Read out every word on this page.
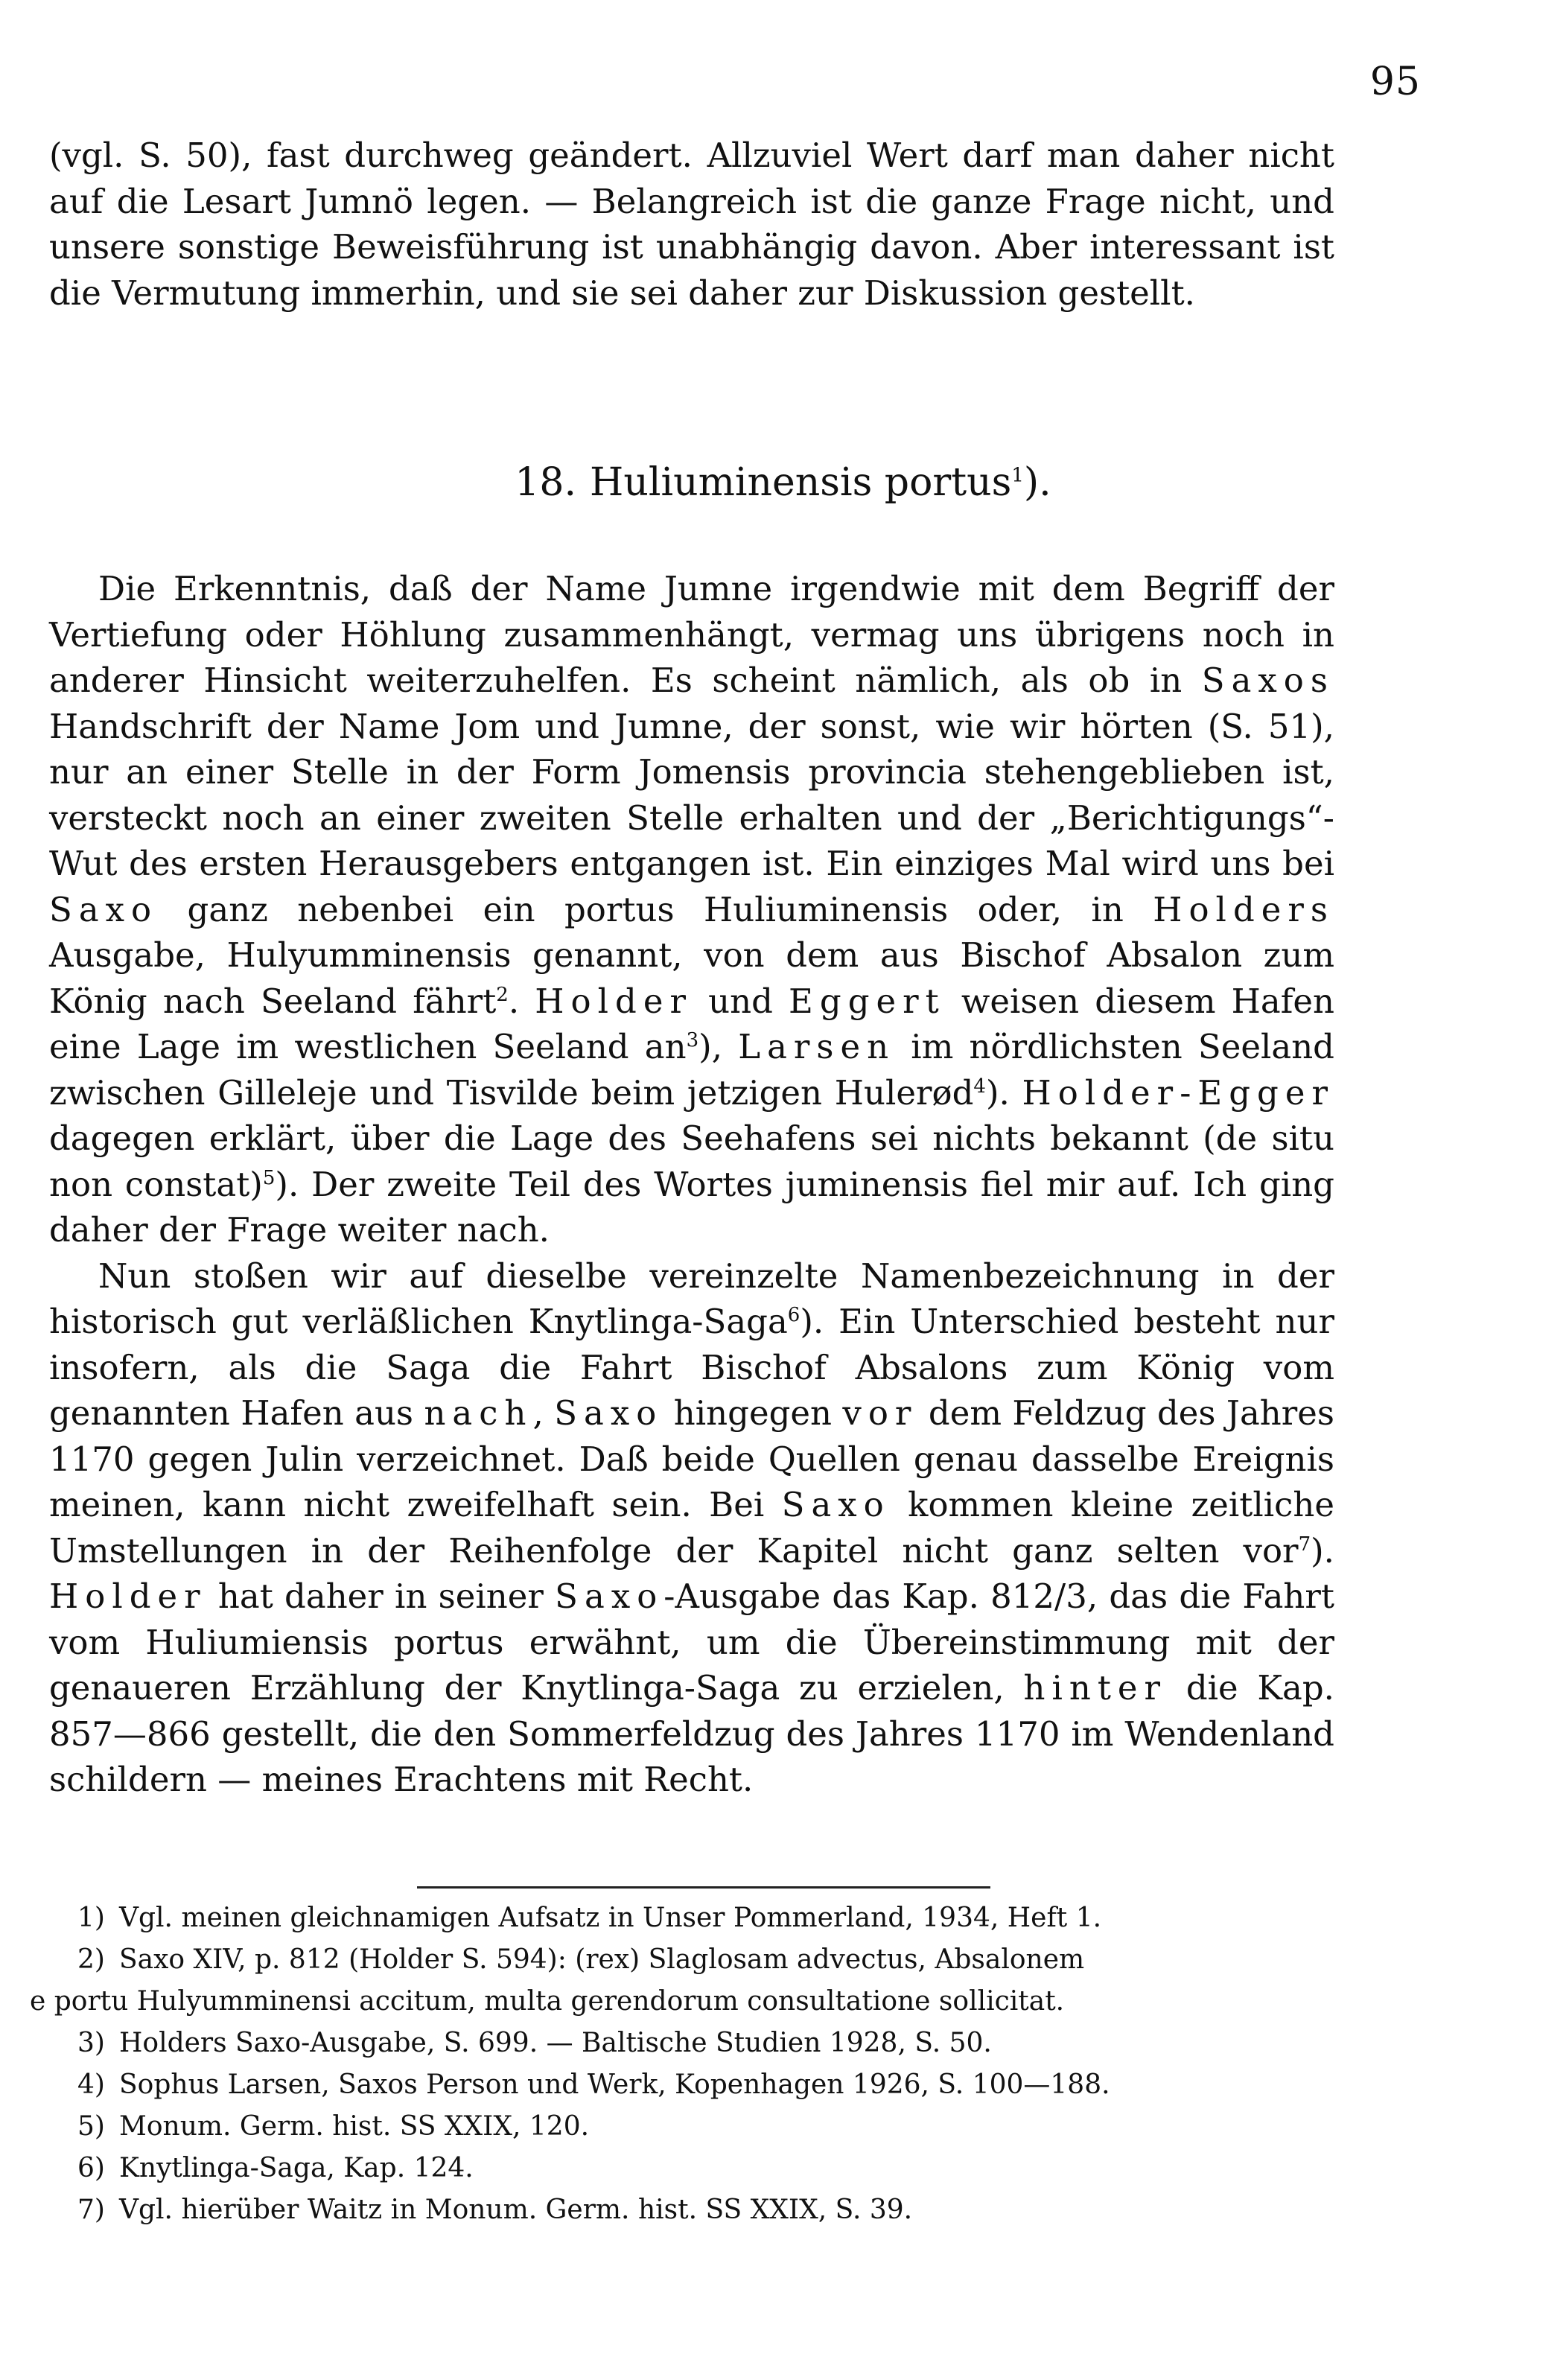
95

(vgl. S. 50), fast durchweg geändert. Allzuviel Wert darf man daher nicht auf die Lesart Jumnö legen. — Belangreich ist die ganze Frage nicht, und unsere sonstige Beweisführung ist unabhängig davon. Aber interessant ist die Vermutung immerhin, und sie sei daher zur Diskussion gestellt.

18. Huliuminensis portus$^1$).

Die Erkenntnis, daß der Name Jumne irgendwie mit dem Begriff der Vertiefung oder Höhlung zusammenhängt, vermag uns übrigens noch in anderer Hinsicht weiterzuhelfen. Es scheint nämlich, als ob in Saxos Handschrift der Name Jom und Jumne, der sonst, wie wir hörten (S. 51), nur an einer Stelle in der Form Jomensis provincia stehengeblieben ist, versteckt noch an einer zweiten Stelle erhalten und der „Berichtigungs“-Wut des ersten Herausgebers entgangen ist. Ein einziges Mal wird uns bei Saxo ganz nebenbei ein portus Huliuminensis oder, in Holders Ausgabe, Hulyumminensis genannt, von dem aus Bischof Absalon zum König nach Seeland fährt$^2$. Holder und Eggert weisen diesem Hafen eine Lage im westlichen Seeland $an^3$), Larsen im nördlichsten Seeland zwischen Gilleleje und Tisvilde beim jetzigen Hulerød$^4$). Holder-Egger dagegen erklärt, über die Lage des Seehafens sei nichts bekannt (de situ non constat)$^5$). Der zweite Teil des Wortes juminensis fiel mir auf. Ich ging daher der Frage weiter nach.

Nun stoßen wir auf dieselbe vereinzelte Namenbezeichnung in der historisch gut verläßlichen Knytlinga-Saga$^6$). Ein Unterschied besteht nur insofern, als die Saga die Fahrt Bischof Absalons zum König vom genannten Hafen aus nach, Saxo hingegen vor dem Feldzug des Jahres 1170 gegen Julin verzeichnet. Daß beide Quellen genau dasselbe Ereignis meinen, kann nicht zweifelhaft sein. Bei Saxo kommen kleine zeitliche Umstellungen in der Reihenfolge der Kapitel nicht ganz selten vor$^7$). Holder hat daher in seiner Saxo-Ausgabe das Kap. 812/3, das die Fahrt vom Huliumiensis portus erwähnt, um die Übereinstimmung mit der genaueren Erzählung der Knytlinga-Saga zu erzielen, hinter die Kap. 857—866 gestellt, die den Sommerfeldzug des Jahres 1170 im Wendenland schildern — meines Erachtens mit Recht.

1) Vgl. meinen gleichnamigen Aufsatz in Unser Pommerland, 1934, Heft 1.

2) Saxo XIV, p. 812 (Holder S. 594): (rex) Slaglosam advectus, Absalonem

e portu Hulyumminensi accitum, multa gerendorum consultatione sollicitat.

3) Holders Saxo-Ausgabe, S. 699. — Baltische Studien 1928, S. 50.

4) Sophus Larsen, Saxos Person und Werk, Kopenhagen 1926, S. 100—188.

5) Monum. Germ. hist. SS XXIX, 120.

6) Knytlinga-Saga, Kap. 124.

7) Vgl. hierüber Waitz in Monum. Germ. hist. SS XXIX, S. 39.
